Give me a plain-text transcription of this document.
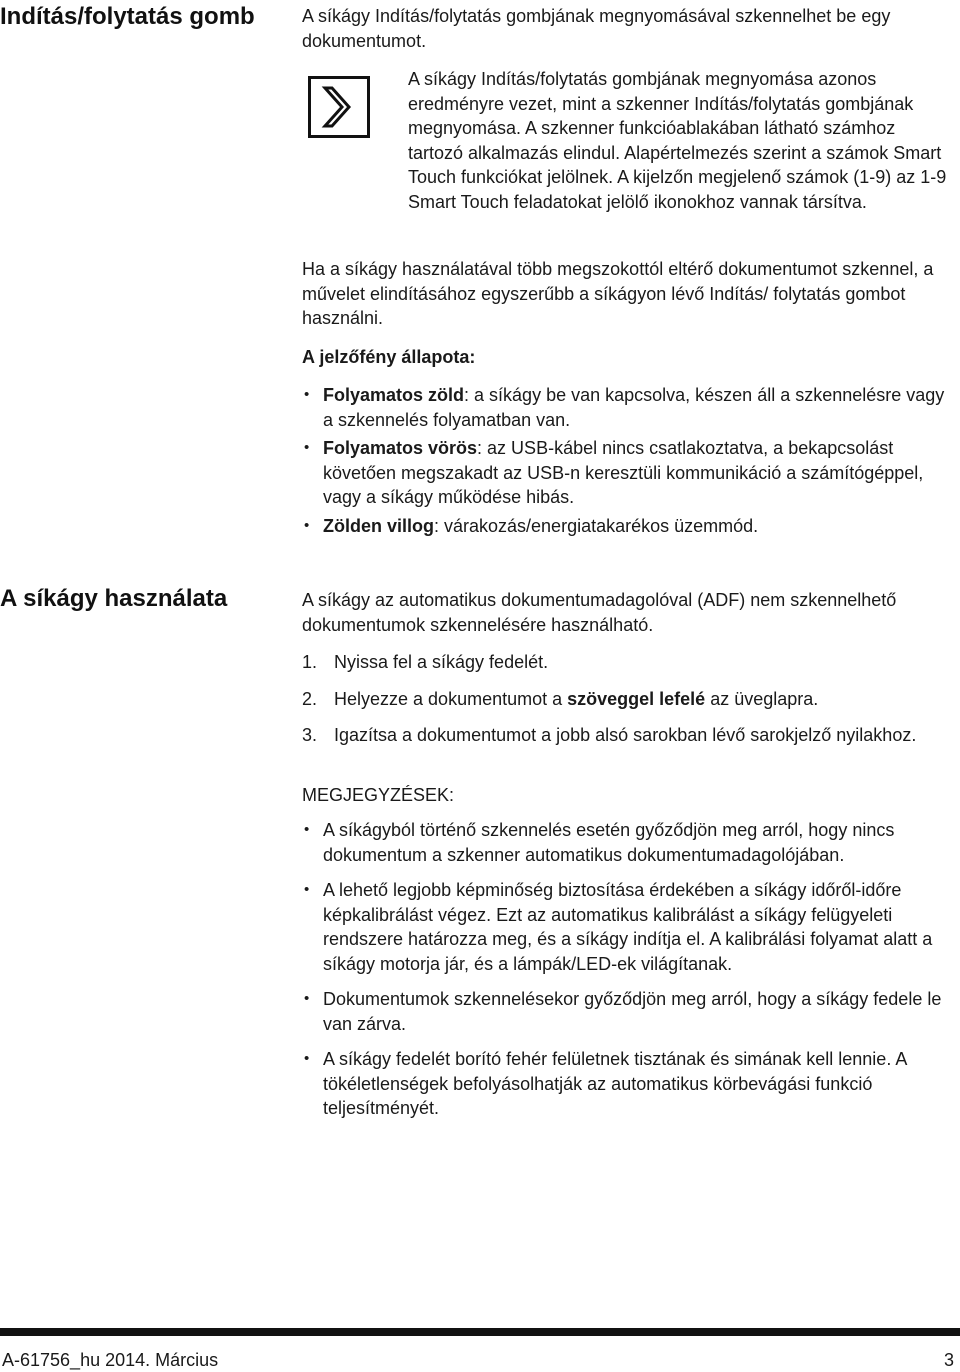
Indítás/folytatás gomb	A síkágy Indítás/folytatás gombjának megnyomásával szkennelhet be egy dokumentumot.

A síkágy Indítás/folytatás gombjának megnyomása azonos eredményre vezet, mint a szkenner Indítás/folytatás gombjának megnyomása. A szkenner funkcióablakában látható számhoz tartozó alkalmazás elindul. Alapértelmezés szerint a számok Smart Touch funkciókat jelölnek. A kijelzőn megjelenő számok (1-9) az 1-9 Smart Touch feladatokat jelölő ikonokhoz vannak társítva.

Ha a síkágy használatával több megszokottól eltérő dokumentumot szkennel, a művelet elindításához egyszerűbb a síkágyon lévő Indítás/ folytatás gombot használni.

A jelzőfény állapota:

• Folyamatos zöld: a síkágy be van kapcsolva, készen áll a szkennelésre vagy a szkennelés folyamatban van.
• Folyamatos vörös: az USB-kábel nincs csatlakoztatva, a bekapcsolást követően megszakadt az USB-n keresztüli kommunikáció a számítógéppel, vagy a síkágy működése hibás.
• Zölden villog: várakozás/energiatakarékos üzemmód.
A síkágy használata	A síkágy az automatikus dokumentumadagolóval (ADF) nem szkennelhető dokumentumok szkennelésére használható.

1. Nyissa fel a síkágy fedelét.
2. Helyezze a dokumentumot a szöveggel lefelé az üveglapra.
3. Igazítsa a dokumentumot a jobb alsó sarokban lévő sarokjelző nyilakhoz.

MEGJEGYZÉSEK:

• A síkágyból történő szkennelés esetén győződjön meg arról, hogy nincs dokumentum a szkenner automatikus dokumentumadagolójában.
• A lehető legjobb képminőség biztosítása érdekében a síkágy időről-időre képkalibrálást végez. Ezt az automatikus kalibrálást a síkágy felügyeleti rendszere határozza meg, és a síkágy indítja el. A kalibrálási folyamat alatt a síkágy motorja jár, és a lámpák/LED-ek világítanak.
• Dokumentumok szkennelésekor győződjön meg arról, hogy a síkágy fedele le van zárva.
• A síkágy fedelét borító fehér felületnek tisztának és simának kell lennie. A tökéletlenségek befolyásolhatják az automatikus körbevágási funkció teljesítményét.
A-61756_hu 2014. Március	3
